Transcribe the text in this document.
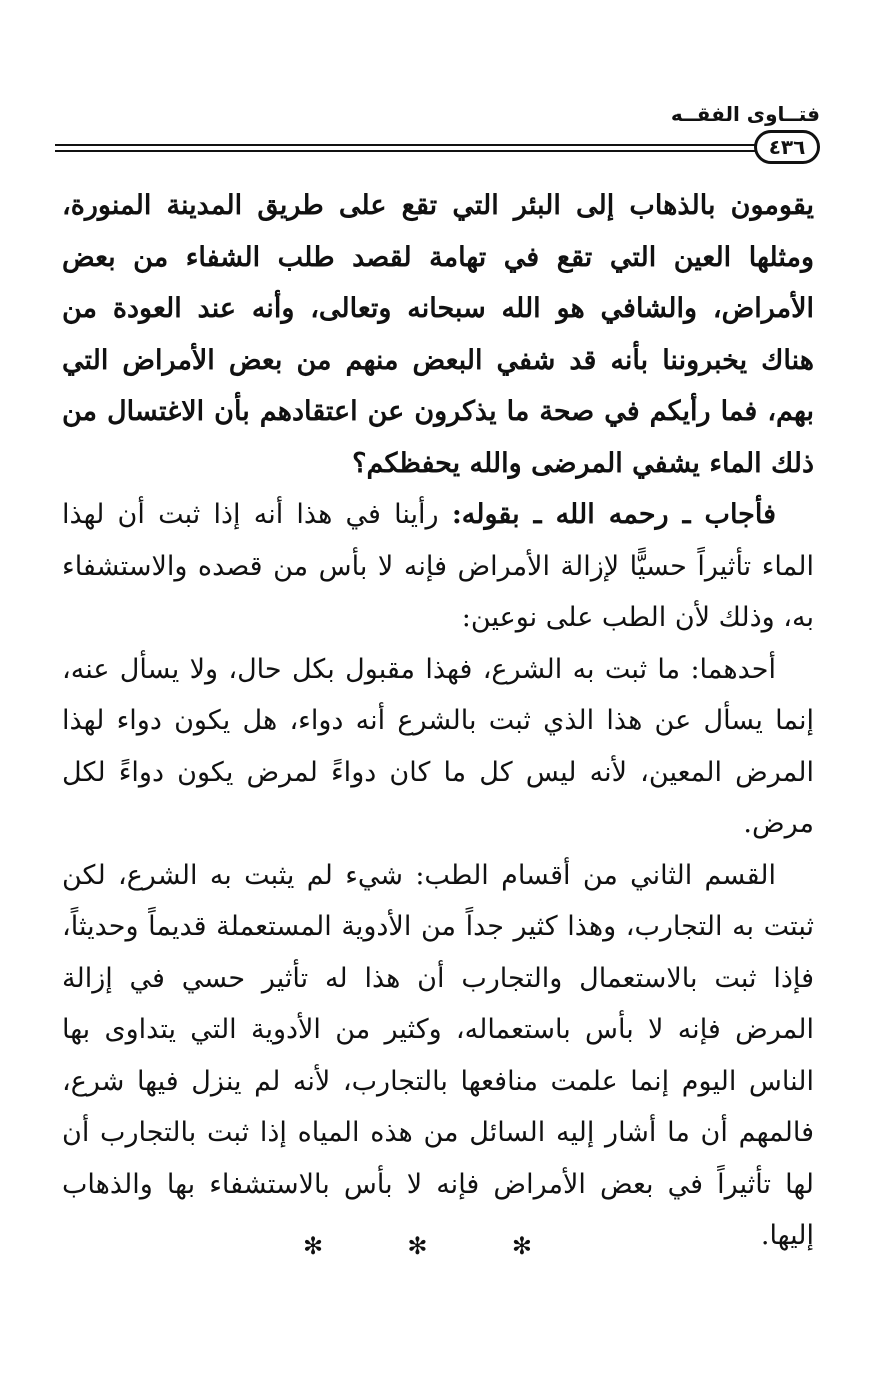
فتــاوى الفقــه
٤٣٦

يقومون بالذهاب إلى البئر التي تقع على طريق المدينة المنورة، ومثلها العين التي تقع في تهامة لقصد طلب الشفاء من بعض الأمراض، والشافي هو الله سبحانه وتعالى، وأنه عند العودة من هناك يخبروننا بأنه قد شفي البعض منهم من بعض الأمراض التي بهم، فما رأيكم في صحة ما يذكرون عن اعتقادهم بأن الاغتسال من ذلك الماء يشفي المرضى والله يحفظكم؟

فأجاب ـ رحمه الله ـ بقوله: رأينا في هذا أنه إذا ثبت أن لهذا الماء تأثيراً حسيًّا لإزالة الأمراض فإنه لا بأس من قصده والاستشفاء به، وذلك لأن الطب على نوعين:

أحدهما: ما ثبت به الشرع، فهذا مقبول بكل حال، ولا يسأل عنه، إنما يسأل عن هذا الذي ثبت بالشرع أنه دواء، هل يكون دواء لهذا المرض المعين، لأنه ليس كل ما كان دواءً لمرض يكون دواءً لكل مرض.

القسم الثاني من أقسام الطب: شيء لم يثبت به الشرع، لكن ثبتت به التجارب، وهذا كثير جداً من الأدوية المستعملة قديماً وحديثاً، فإذا ثبت بالاستعمال والتجارب أن هذا له تأثير حسي في إزالة المرض فإنه لا بأس باستعماله، وكثير من الأدوية التي يتداوى بها الناس اليوم إنما علمت منافعها بالتجارب، لأنه لم ينزل فيها شرع، فالمهم أن ما أشار إليه السائل من هذه المياه إذا ثبت بالتجارب أن لها تأثيراً في بعض الأمراض فإنه لا بأس بالاستشفاء بها والذهاب إليها.

✻ ✻ ✻
